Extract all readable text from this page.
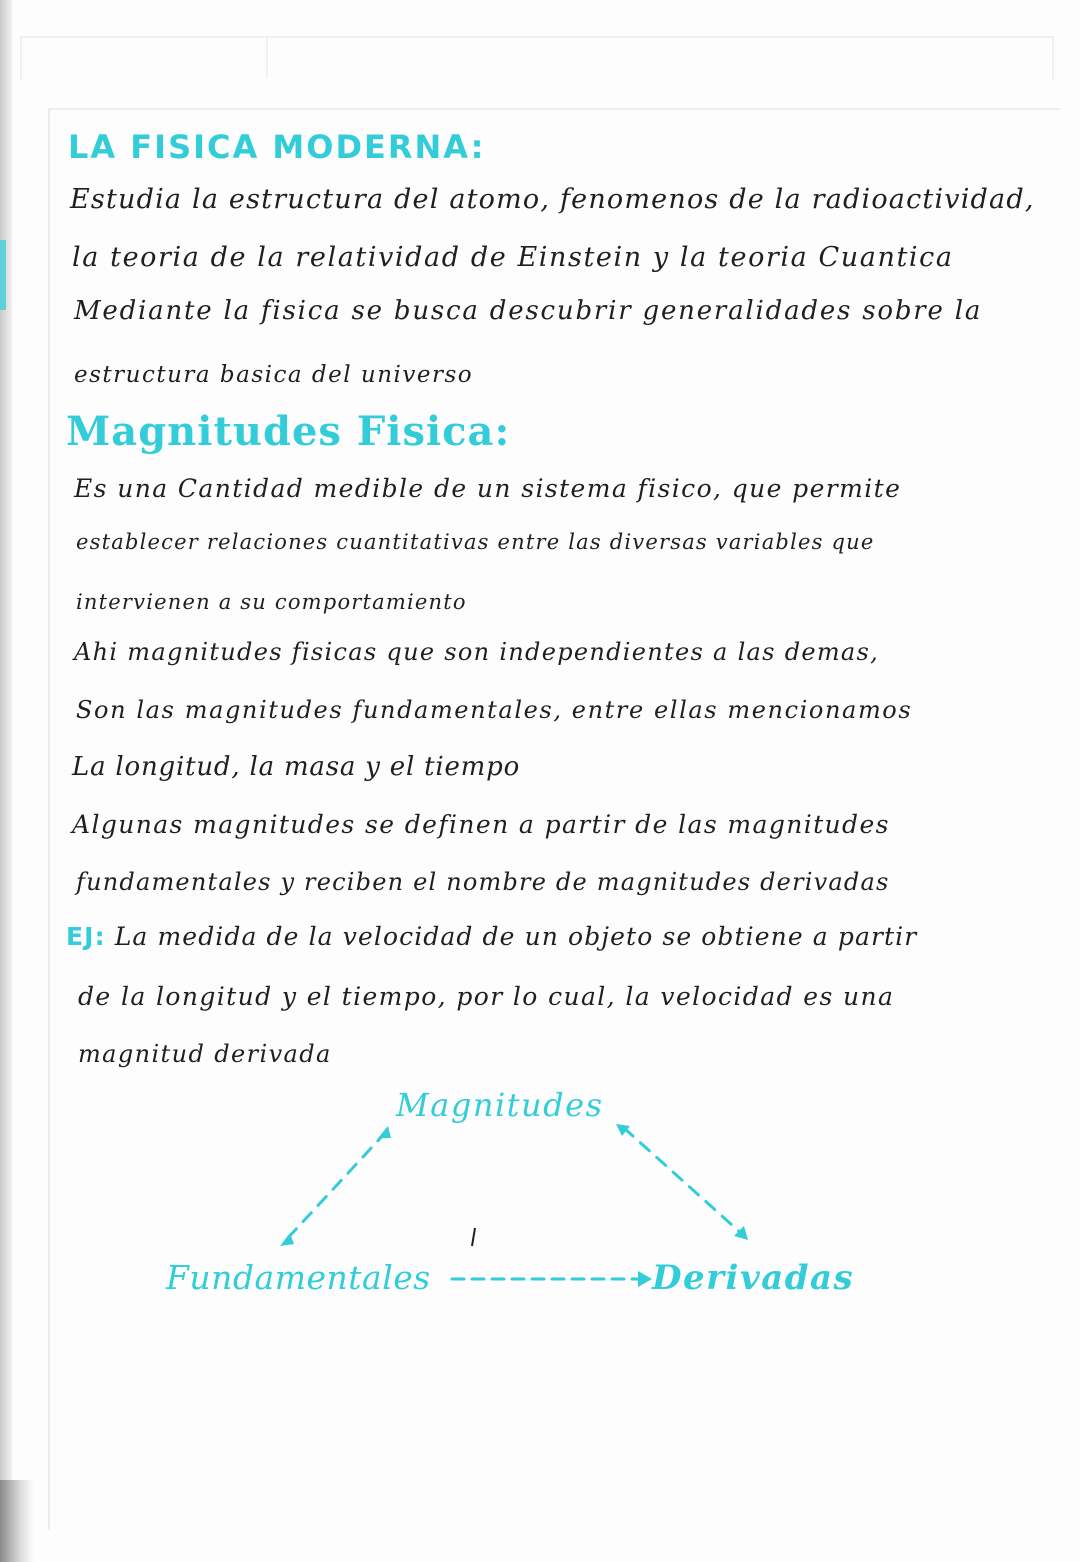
LA FISICA MODERNA:
Estudia la estructura del atomo, fenomenos de la radioactividad,
la teoria de la relatividad de Einstein y la teoria Cuantica
Mediante la fisica se busca descubrir generalidades sobre la
estructura basica del universo
Magnitudes Fisica:
Es una Cantidad medible de un sistema fisico, que permite
establecer relaciones cuantitativas entre las diversas variables que
intervienen a su comportamiento
Ahi magnitudes fisicas que son independientes a las demas,
Son las magnitudes fundamentales, entre ellas mencionamos
La longitud, la masa y el tiempo
Algunas magnitudes se definen a partir de las magnitudes
fundamentales y reciben el nombre de magnitudes derivadas
EJ: La medida de la velocidad de un objeto se obtiene a partir
de la longitud y el tiempo, por lo cual, la velocidad es una
magnitud derivada
Magnitudes
Fundamentales	Derivadas
